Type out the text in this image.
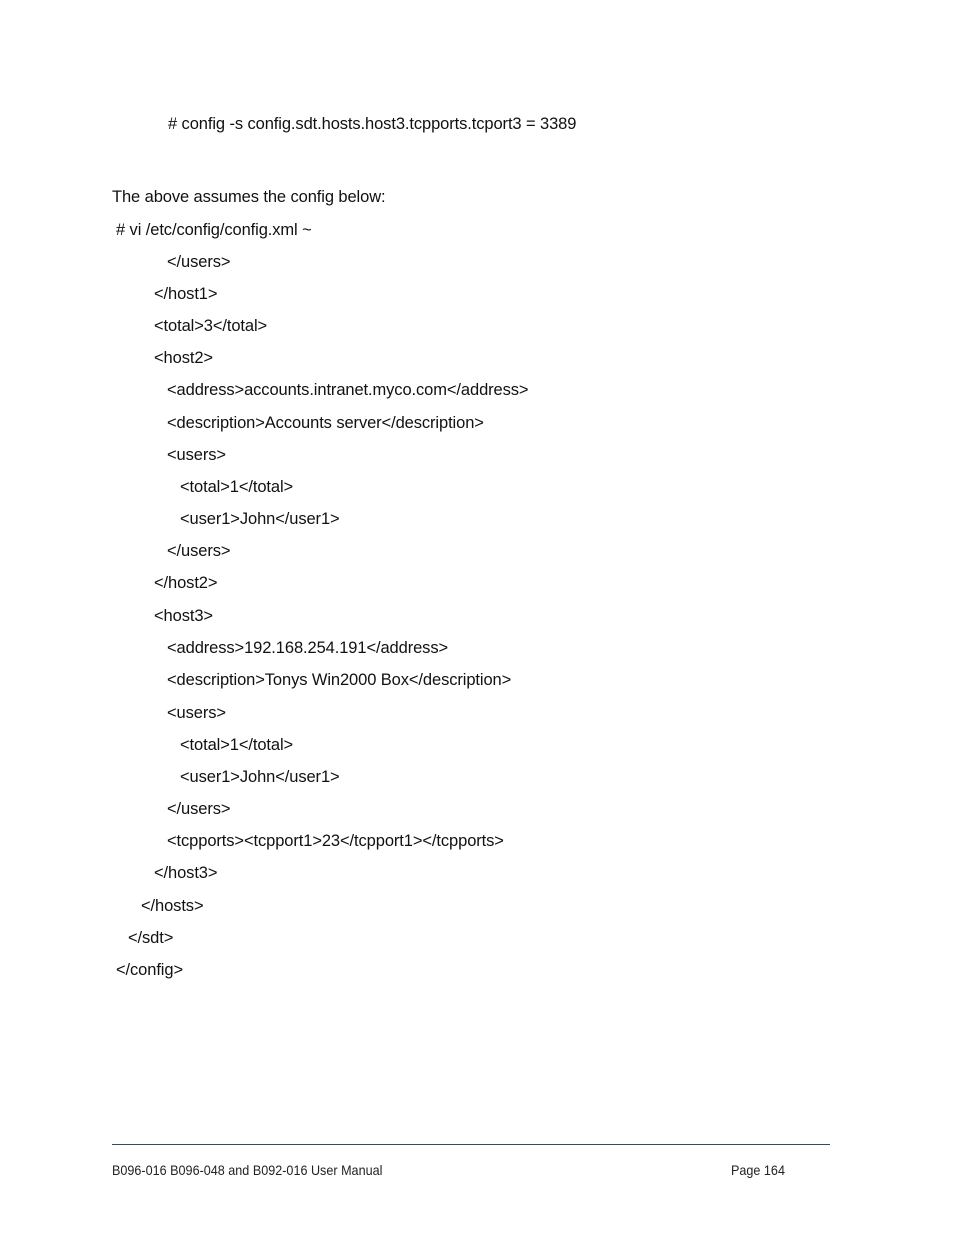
# config -s config.sdt.hosts.host3.tcpports.tcport3 = 3389
The above assumes the config below:
# vi /etc/config/config.xml ~
</users>
</host1>
<total>3</total>
<host2>
<address>accounts.intranet.myco.com</address>
<description>Accounts server</description>
<users>
<total>1</total>
<user1>John</user1>
</users>
</host2>
<host3>
<address>192.168.254.191</address>
<description>Tonys Win2000 Box</description>
<users>
<total>1</total>
<user1>John</user1>
</users>
<tcpports><tcpport1>23</tcpport1></tcpports>
</host3>
</hosts>
</sdt>
</config>
B096-016 B096-048 and B092-016 User Manual	Page 164
